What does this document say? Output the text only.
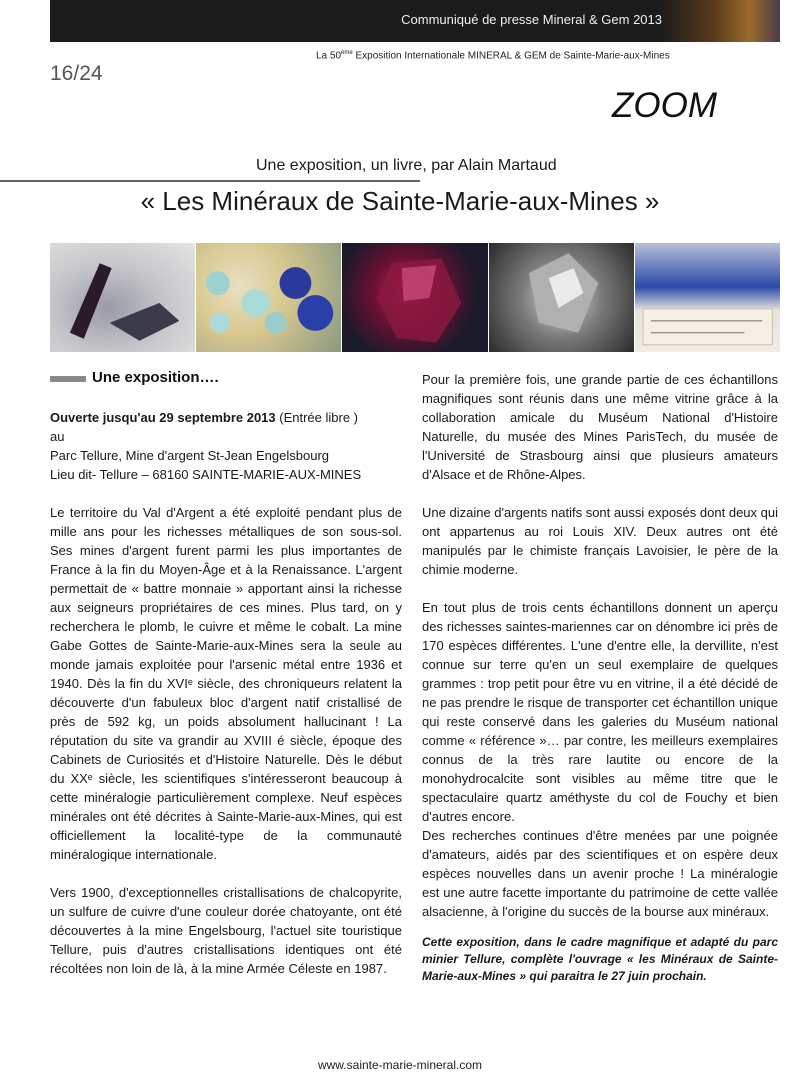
Communiqué de presse Mineral & Gem 2013
La 50ème Exposition Internationale MINERAL & GEM de Sainte-Marie-aux-Mines
16/24
ZOOM
Une exposition, un livre, par Alain Martaud
« Les Minéraux de Sainte-Marie-aux-Mines »
Une exposition….

Ouverte jusqu'au 29 septembre 2013 (Entrée libre )

au

Parc Tellure, Mine d'argent St-Jean Engelsbourg

Lieu dit- Tellure – 68160 SAINTE-MARIE-AUX-MINES

Le territoire du Val d'Argent a été exploité pendant plus de mille ans pour les richesses métalliques de son sous-sol. Ses mines d'argent furent parmi les plus importantes de France à la fin du Moyen-Âge et à la Renaissance. L'argent permettait de « battre monnaie » apportant ainsi la richesse aux seigneurs propriétaires de ces mines. Plus tard, on y recherchera le plomb, le cuivre et même le cobalt. La mine Gabe Gottes de Sainte-Marie-aux-Mines sera la seule au monde jamais exploitée pour l'arsenic métal entre 1936 et 1940. Dès la fin du XVIᵉ siècle, des chroniqueurs relatent la découverte d'un fabuleux bloc d'argent natif cristallisé de près de 592 kg, un poids absolument hallucinant ! La réputation du site va grandir au XVIII é siècle, époque des Cabinets de Curiosités et d'Histoire Naturelle. Dès le début du XXᵉ siècle, les scientifiques s'intéresseront beaucoup à cette minéralogie particulièrement complexe. Neuf espèces minérales ont été décrites à Sainte-Marie-aux-Mines, qui est officiellement la localité-type de la communauté minéralogique internationale.

Vers 1900, d'exceptionnelles cristallisations de chalcopyrite, un sulfure de cuivre d'une couleur dorée chatoyante, ont été découvertes à la mine Engelsbourg, l'actuel site touristique Tellure, puis d'autres cristallisations identiques ont été récoltées non loin de là, à la mine Armée Céleste en 1987.

Pour la première fois, une grande partie de ces échantillons magnifiques sont réunis dans une même vitrine grâce à la collaboration amicale du Muséum National d'Histoire Naturelle, du musée des Mines ParisTech, du musée de l'Université de Strasbourg ainsi que plusieurs amateurs d'Alsace et de Rhône-Alpes.

Une dizaine d'argents natifs sont aussi exposés dont deux qui ont appartenus au roi Louis XIV. Deux autres ont été manipulés par le chimiste français Lavoisier, le père de la chimie moderne.

En tout plus de trois cents échantillons donnent un aperçu des richesses saintes-mariennes car on dénombre ici près de 170 espèces différentes. L'une d'entre elle, la dervillite, n'est connue sur terre qu'en un seul exemplaire de quelques grammes : trop petit pour être vu en vitrine, il a été décidé de ne pas prendre le risque de transporter cet échantillon unique qui reste conservé dans les galeries du Muséum national comme « référence »… par contre, les meilleurs exemplaires connus de la très rare lautite ou encore de la monohydrocalcite sont visibles au même titre que le spectaculaire quartz améthyste du col de Fouchy et bien d'autres encore.

Des recherches continues d'être menées par une poignée d'amateurs, aidés par des scientifiques et on espère deux espèces nouvelles dans un avenir proche ! La minéralogie est une autre facette importante du patrimoine de cette vallée alsacienne, à l'origine du succès de la bourse aux minéraux.

Cette exposition, dans le cadre magnifique et adapté du parc minier Tellure, complète l'ouvrage « les Minéraux de Sainte-Marie-aux-Mines » qui paraitra le 27 juin prochain.

www.sainte-marie-mineral.com
